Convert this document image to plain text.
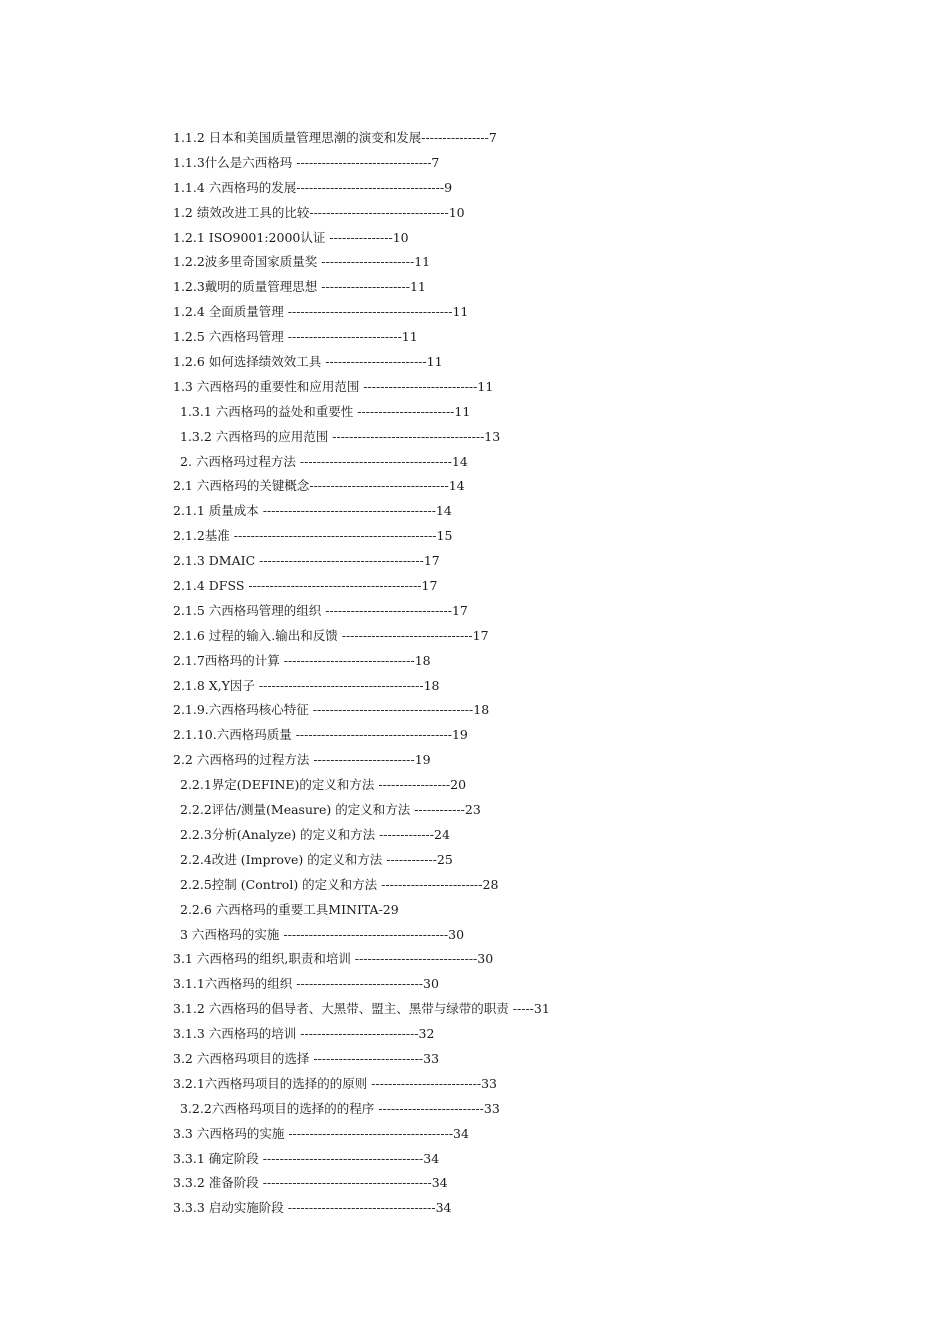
1.1.2 日本和美国质量管理思潮的演变和发展----------------7
1.1.3什么是六西格玛 --------------------------------7
1.1.4 六西格玛的发展-----------------------------------9
1.2 绩效改进工具的比较---------------------------------10
1.2.1 ISO9001:2000认证 ---------------10
1.2.2波多里奇国家质量奖 ----------------------11
1.2.3戴明的质量管理思想 ---------------------11
1.2.4 全面质量管理 ---------------------------------------11
1.2.5 六西格玛管理 ---------------------------11
1.2.6 如何选择绩效效工具 ------------------------11
1.3 六西格玛的重要性和应用范围 ---------------------------11
1.3.1 六西格玛的益处和重要性 -----------------------11
1.3.2 六西格玛的应用范围 ------------------------------------13
2. 六西格玛过程方法 ------------------------------------14
2.1 六西格玛的关键概念---------------------------------14
2.1.1 质量成本 -----------------------------------------14
2.1.2基准 ------------------------------------------------15
2.1.3 DMAIC ---------------------------------------17
2.1.4 DFSS -----------------------------------------17
2.1.5 六西格玛管理的组织 ------------------------------17
2.1.6 过程的输入.输出和反馈 -------------------------------17
2.1.7西格玛的计算 -------------------------------18
2.1.8 X,Y因子 ---------------------------------------18
2.1.9.六西格玛核心特征 --------------------------------------18
2.1.10.六西格玛质量 -------------------------------------19
2.2 六西格玛的过程方法 ------------------------19
2.2.1界定(DEFINE)的定义和方法 -----------------20
2.2.2评估/测量(Measure) 的定义和方法 ------------23
2.2.3分析(Analyze) 的定义和方法 -------------24
2.2.4改进 (Improve) 的定义和方法 ------------25
2.2.5控制 (Control) 的定义和方法 ------------------------28
2.2.6 六西格玛的重要工具MINITA-29
3 六西格玛的实施 ---------------------------------------30
3.1 六西格玛的组织,职责和培训 -----------------------------30
3.1.1六西格玛的组织 ------------------------------30
3.1.2 六西格玛的倡导者、大黑带、盟主、黑带与绿带的职责 -----31
3.1.3 六西格玛的培训 ----------------------------32
3.2 六西格玛项目的选择 --------------------------33
3.2.1六西格玛项目的选择的的原则 --------------------------33
3.2.2六西格玛项目的选择的的程序 -------------------------33
3.3 六西格玛的实施 ---------------------------------------34
3.3.1 确定阶段 --------------------------------------34
3.3.2 准备阶段 ----------------------------------------34
3.3.3 启动实施阶段 -----------------------------------34
